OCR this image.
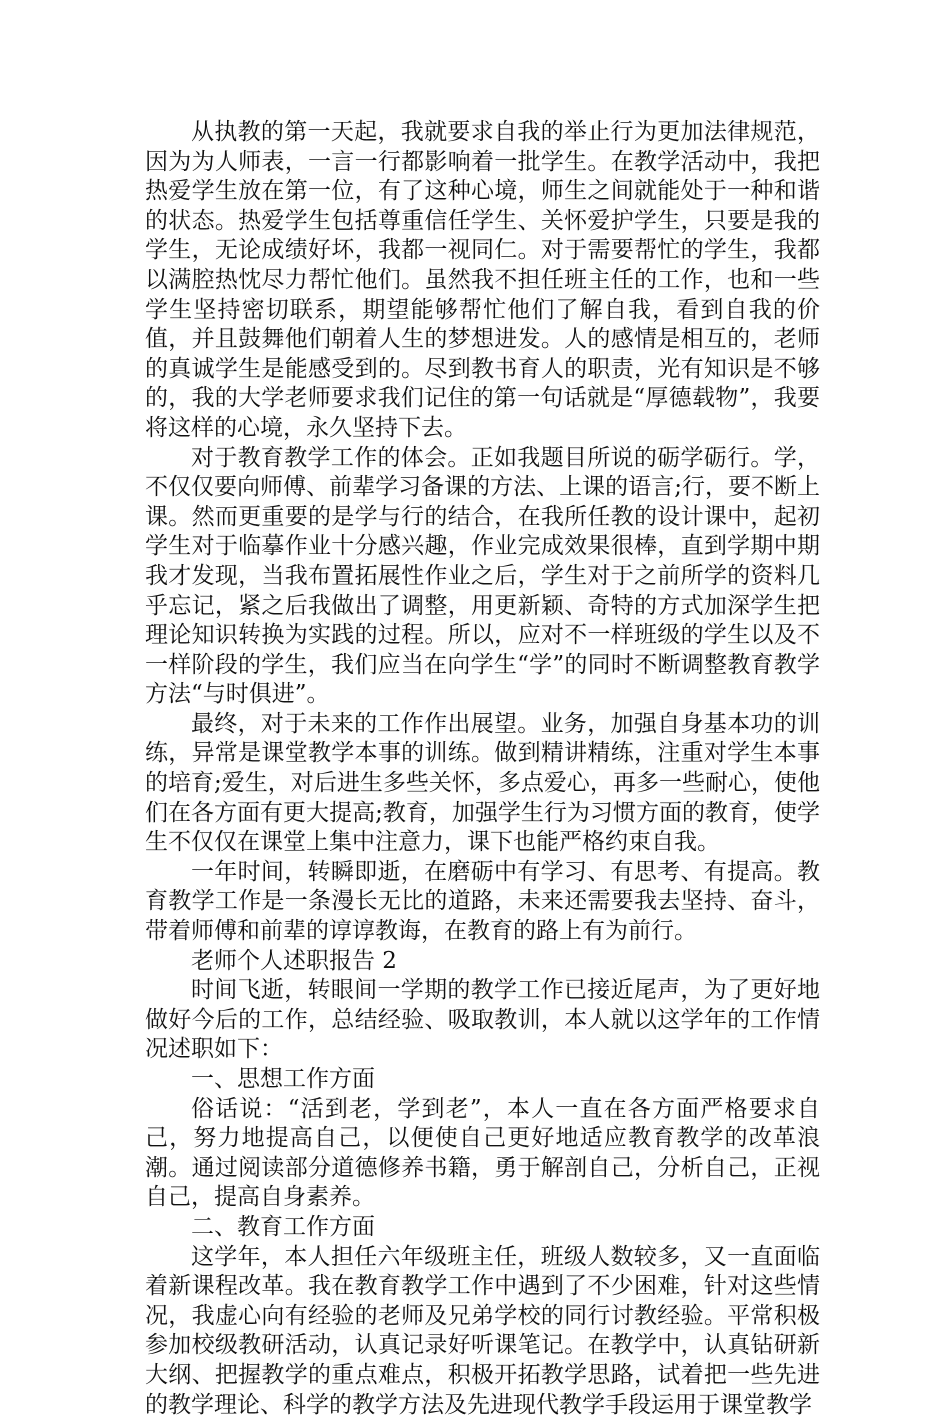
从执教的第一天起，我就要求自我的举止行为更加法律规范，因为为人师表，一言一行都影响着一批学生。在教学活动中，我把热爱学生放在第一位，有了这种心境，师生之间就能处于一种和谐的状态。热爱学生包括尊重信任学生、关怀爱护学生，只要是我的学生，无论成绩好坏，我都一视同仁。对于需要帮忙的学生，我都以满腔热忱尽力帮忙他们。虽然我不担任班主任的工作，也和一些学生坚持密切联系，期望能够帮忙他们了解自我，看到自我的价值，并且鼓舞他们朝着人生的梦想进发。人的感情是相互的，老师的真诚学生是能感受到的。尽到教书育人的职责，光有知识是不够的，我的大学老师要求我们记住的第一句话就是“厚德载物”，我要将这样的心境，永久坚持下去。

对于教育教学工作的体会。正如我题目所说的砺学砺行。学，不仅仅要向师傅、前辈学习备课的方法、上课的语言;行，要不断上课。然而更重要的是学与行的结合，在我所任教的设计课中，起初学生对于临摹作业十分感兴趣，作业完成效果很棒，直到学期中期我才发现，当我布置拓展性作业之后，学生对于之前所学的资料几乎忘记，紧之后我做出了调整，用更新颖、奇特的方式加深学生把理论知识转换为实践的过程。所以，应对不一样班级的学生以及不一样阶段的学生，我们应当在向学生“学”的同时不断调整教育教学方法“与时俱进”。

最终，对于未来的工作作出展望。业务，加强自身基本功的训练，异常是课堂教学本事的训练。做到精讲精练，注重对学生本事的培育;爱生，对后进生多些关怀，多点爱心，再多一些耐心，使他们在各方面有更大提高;教育，加强学生行为习惯方面的教育，使学生不仅仅在课堂上集中注意力，课下也能严格约束自我。

一年时间，转瞬即逝，在磨砺中有学习、有思考、有提高。教育教学工作是一条漫长无比的道路，未来还需要我去坚持、奋斗，带着师傅和前辈的谆谆教诲，在教育的路上有为前行。

老师个人述职报告 2

时间飞逝，转眼间一学期的教学工作已接近尾声，为了更好地做好今后的工作，总结经验、吸取教训，本人就以这学年的工作情况述职如下：

一、思想工作方面

俗话说：“活到老，学到老”，本人一直在各方面严格要求自己，努力地提高自己，以便使自己更好地适应教育教学的改革浪潮。通过阅读部分道德修养书籍，勇于解剖自己，分析自己，正视自己，提高自身素养。

二、教育工作方面

这学年，本人担任六年级班主任，班级人数较多，又一直面临着新课程改革。我在教育教学工作中遇到了不少困难，针对这些情况，我虚心向有经验的老师及兄弟学校的同行讨教经验。平常积极参加校级教研活动，认真记录好听课笔记。在教学中，认真钻研新大纲、把握教学的重点难点，积极开拓教学思路，试着把一些先进的教学理论、科学的教学方法及先进现代教学手段运用于课堂教学
